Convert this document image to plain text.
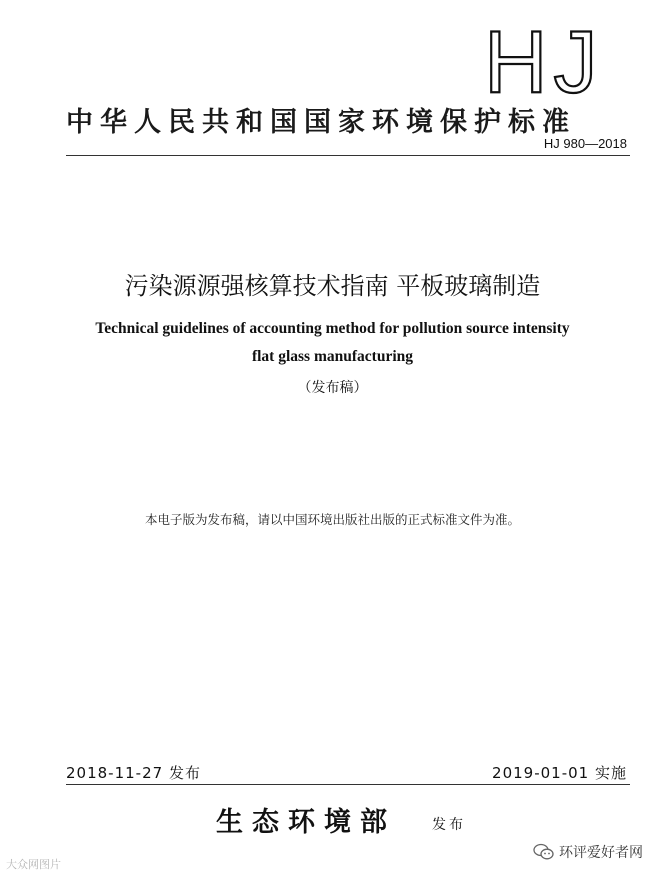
HJ
中华人民共和国国家环境保护标准
HJ 980—2018
污染源源强核算技术指南 平板玻璃制造
Technical guidelines of accounting method for pollution source intensity
flat glass manufacturing
（发布稿）
本电子版为发布稿，请以中国环境出版社出版的正式标准文件为准。
2018-11-27 发布	2019-01-01 实施
生态环境部	发布
大众网图片
环评爱好者网
